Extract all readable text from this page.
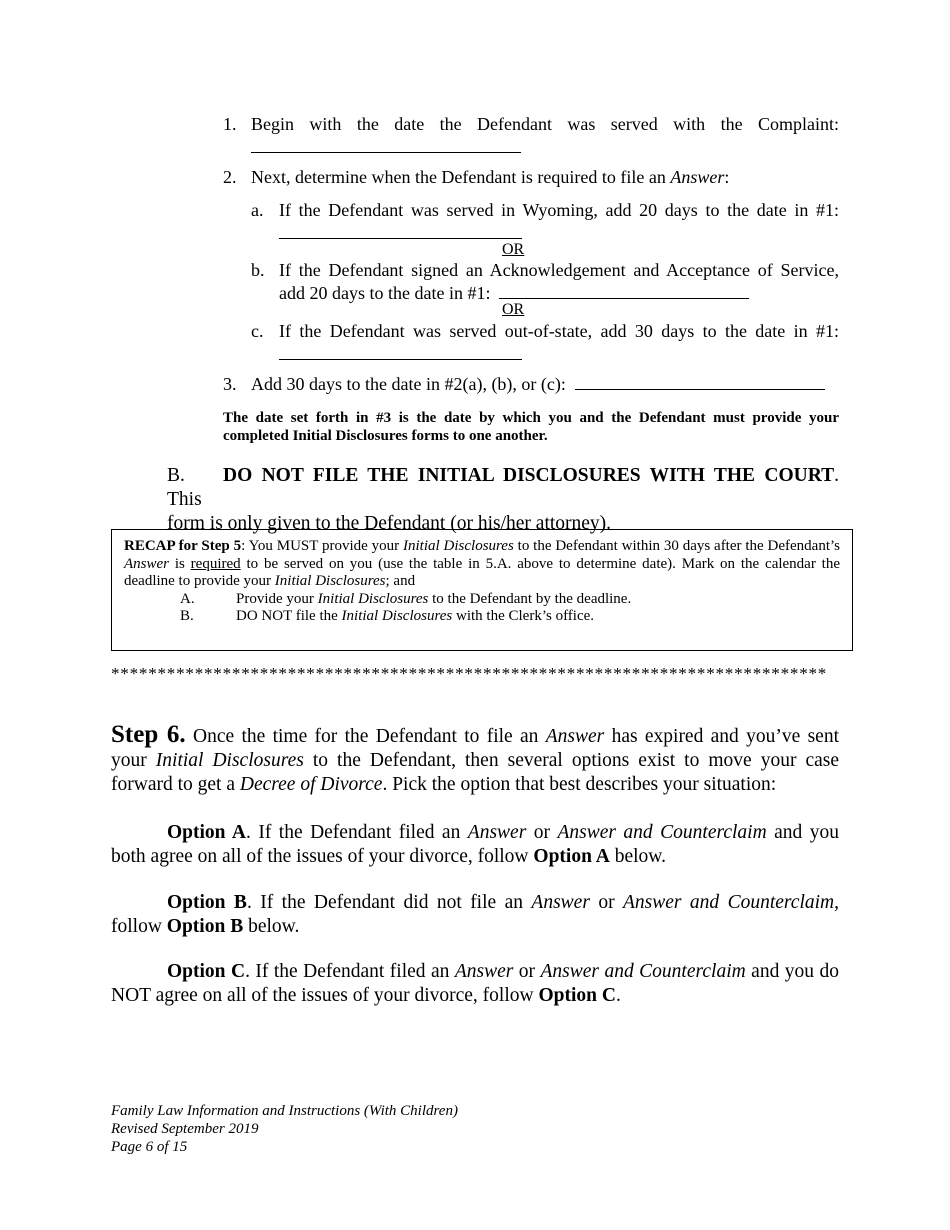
1. Begin with the date the Defendant was served with the Complaint:
2. Next, determine when the Defendant is required to file an Answer:
a. If the Defendant was served in Wyoming, add 20 days to the date in #1:
OR
b. If the Defendant signed an Acknowledgement and Acceptance of Service,
add 20 days to the date in #1:
OR
c. If the Defendant was served out-of-state, add 30 days to the date in #1:
3. Add 30 days to the date in #2(a), (b), or (c):
The date set forth in #3 is the date by which you and the Defendant must provide your completed Initial Disclosures forms to one another.
B. DO NOT FILE THE INITIAL DISCLOSURES WITH THE COURT. This
form is only given to the Defendant (or his/her attorney).
RECAP for Step 5: You MUST provide your Initial Disclosures to the Defendant within 30 days after the Defendant’s Answer is required to be served on you (use the table in 5.A. above to determine date). Mark on the calendar the deadline to provide your Initial Disclosures; and
A.	Provide your Initial Disclosures to the Defendant by the deadline.
B.	DO NOT file the Initial Disclosures with the Clerk’s office.
*****************************************************************************
Step 6. Once the time for the Defendant to file an Answer has expired and you’ve sent your Initial Disclosures to the Defendant, then several options exist to move your case forward to get a Decree of Divorce. Pick the option that best describes your situation:
Option A. If the Defendant filed an Answer or Answer and Counterclaim and you both agree on all of the issues of your divorce, follow Option A below.
Option B. If the Defendant did not file an Answer or Answer and Counterclaim, follow Option B below.
Option C. If the Defendant filed an Answer or Answer and Counterclaim and you do NOT agree on all of the issues of your divorce, follow Option C.
Family Law Information and Instructions (With Children)
Revised September 2019
Page 6 of 15
